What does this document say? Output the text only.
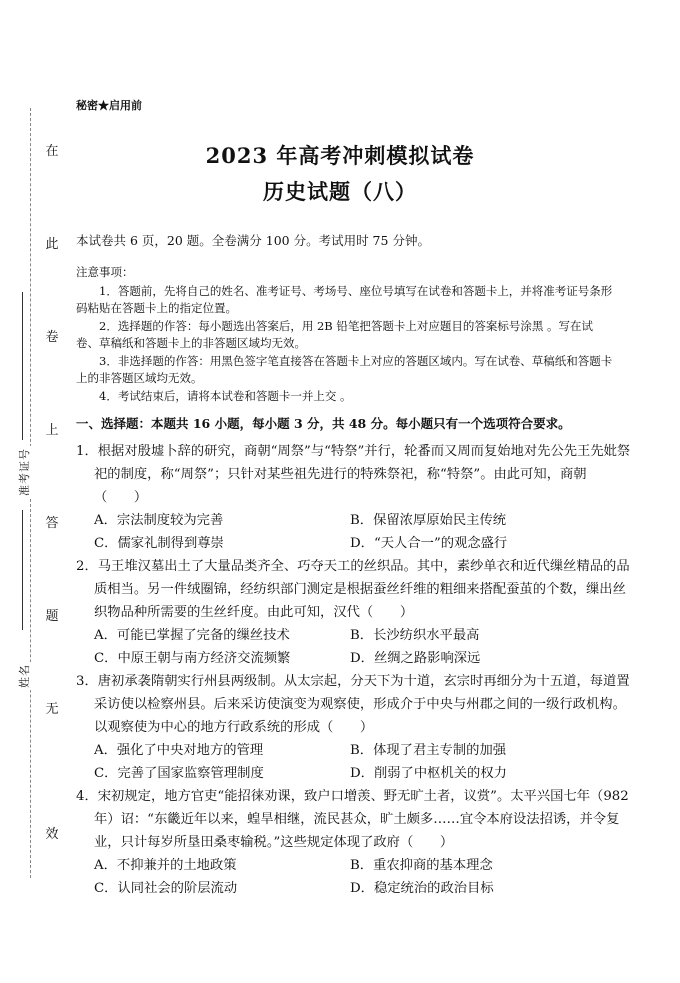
在
此
卷
上
答
题
无
效
准考证号
姓名
秘密★启用前
2023 年高考冲刺模拟试卷
历史试题（八）
本试卷共 6 页，20 题。全卷满分 100 分。考试用时 75 分钟。
注意事项：

1．答题前，先将自己的姓名、准考证号、考场号、座位号填写在试卷和答题卡上，并将准考证号条形码粘贴在答题卡上的指定位置。

2．选择题的作答：每小题选出答案后，用 2B 铅笔把答题卡上对应题目的答案标号涂黑 。写在试卷、草稿纸和答题卡上的非答题区域均无效。

3．非选择题的作答：用黑色签字笔直接答在答题卡上对应的答题区域内。写在试卷、草稿纸和答题卡上的非答题区域均无效。

4．考试结束后，请将本试卷和答题卡一并上交 。

一、选择题：本题共 16 小题，每小题 3 分，共 48 分。每小题只有一个选项符合要求。
1．根据对殷墟卜辞的研究，商朝“周祭”与“特祭”并行，轮番而又周而复始地对先公先王先妣祭祀的制度，称“周祭”；只针对某些祖先进行的特殊祭祀，称“特祭”。由此可知，商朝（　　）
A．宗法制度较为完善	B．保留浓厚原始民主传统
C．儒家礼制得到尊崇	D．“天人合一”的观念盛行
2．马王堆汉墓出土了大量品类齐全、巧夺天工的丝织品。其中，素纱单衣和近代缫丝精品的品质相当。另一件绒圈锦，经纺织部门测定是根据蚕丝纤维的粗细来搭配蚕茧的个数，缫出丝织物品种所需要的生丝纤度。由此可知，汉代（　　）
A．可能已掌握了完备的缫丝技术	B．长沙纺织水平最高
C．中原王朝与南方经济交流频繁	D．丝绸之路影响深远
3．唐初承袭隋朝实行州县两级制。从太宗起，分天下为十道，玄宗时再细分为十五道，每道置采访使以检察州县。后来采访使演变为观察使，形成介于中央与州郡之间的一级行政机构。以观察使为中心的地方行政系统的形成（　　）
A．强化了中央对地方的管理	B．体现了君主专制的加强
C．完善了国家监察管理制度	D．削弱了中枢机关的权力
4．宋初规定，地方官吏“能招徕劝课，致户口增羡、野无旷土者，议赏”。太平兴国七年（982 年）诏：“东畿近年以来，蝗旱相继，流民甚众，旷土颇多……宜令本府设法招诱，并令复业，只计每岁所垦田桑枣输税。”这些规定体现了政府（　　）
A．不抑兼并的土地政策	B．重农抑商的基本理念
C．认同社会的阶层流动	D．稳定统治的政治目标
